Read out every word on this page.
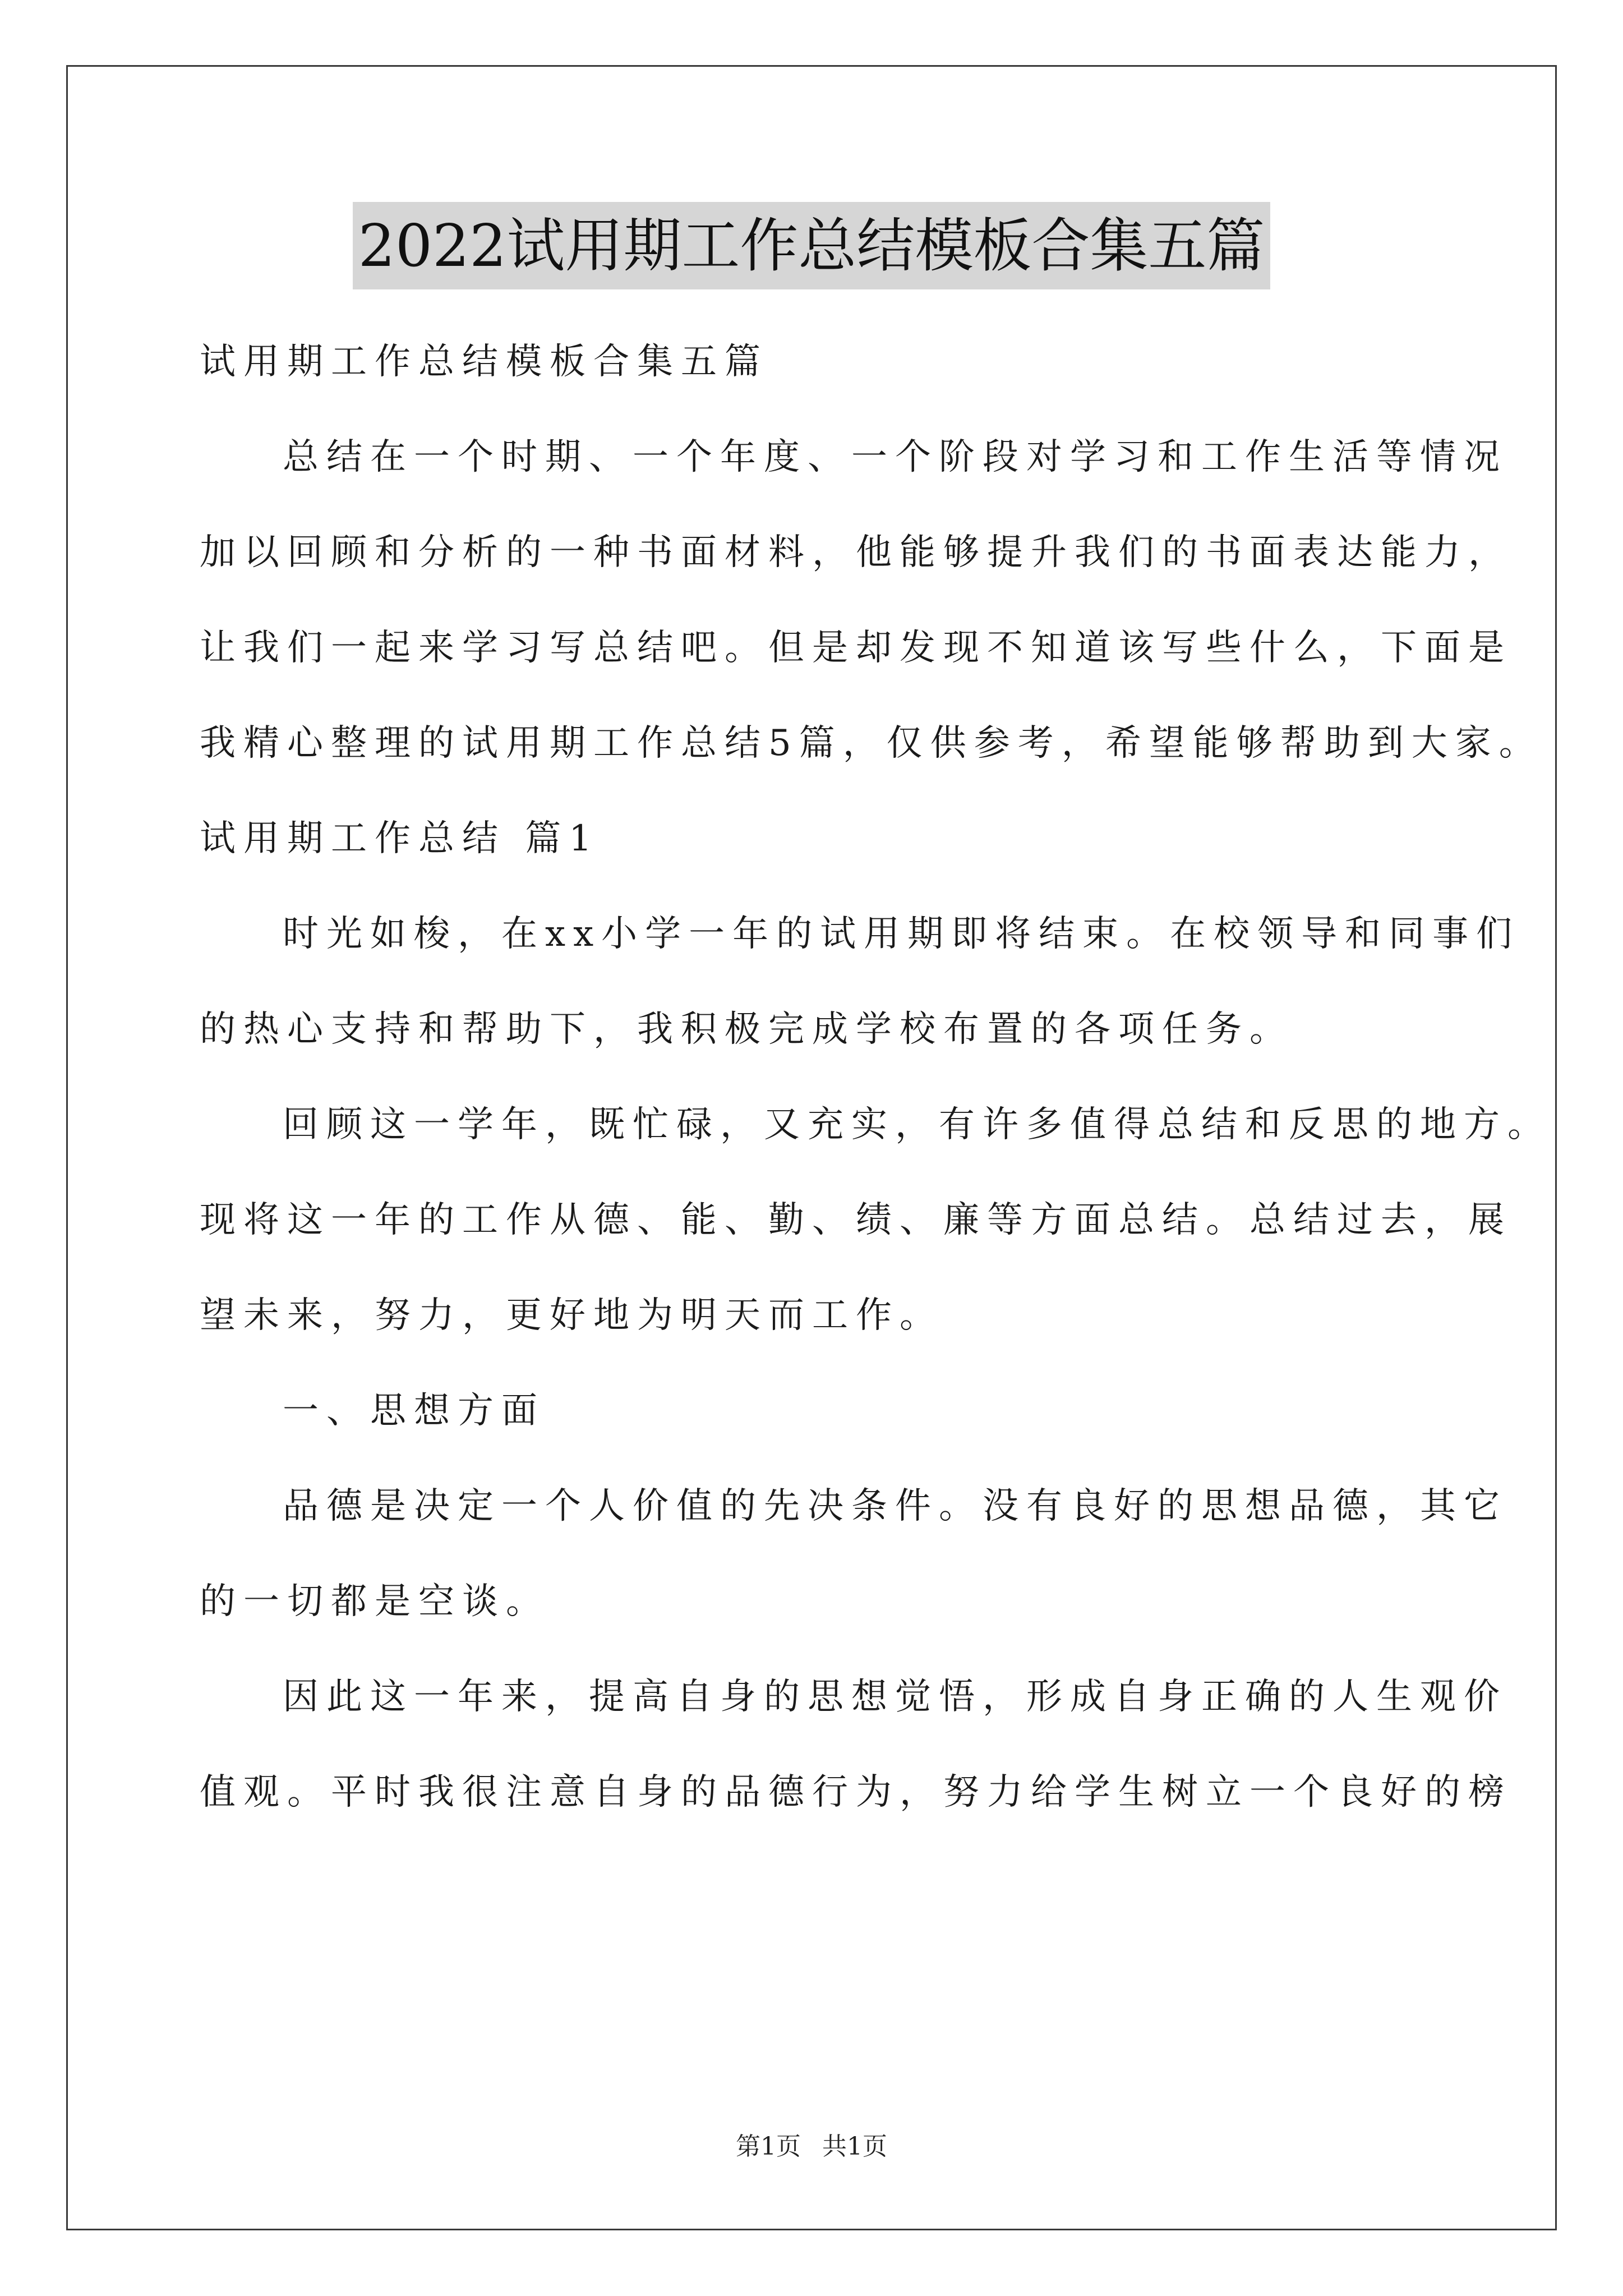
2022试用期工作总结模板合集五篇
试用期工作总结模板合集五篇
总结在一个时期、一个年度、一个阶段对学习和工作生活等情况
加以回顾和分析的一种书面材料，他能够提升我们的书面表达能力，
让我们一起来学习写总结吧。但是却发现不知道该写些什么，下面是
我精心整理的试用期工作总结5篇，仅供参考，希望能够帮助到大家。
试用期工作总结 篇1
时光如梭，在xx小学一年的试用期即将结束。在校领导和同事们
的热心支持和帮助下，我积极完成学校布置的各项任务。
回顾这一学年，既忙碌，又充实，有许多值得总结和反思的地方。
现将这一年的工作从德、能、勤、绩、廉等方面总结。总结过去，展
望未来，努力，更好地为明天而工作。
一、思想方面
品德是决定一个人价值的先决条件。没有良好的思想品德，其它
的一切都是空谈。
因此这一年来，提高自身的思想觉悟，形成自身正确的人生观价
值观。平时我很注意自身的品德行为，努力给学生树立一个良好的榜
第1页 共1页
